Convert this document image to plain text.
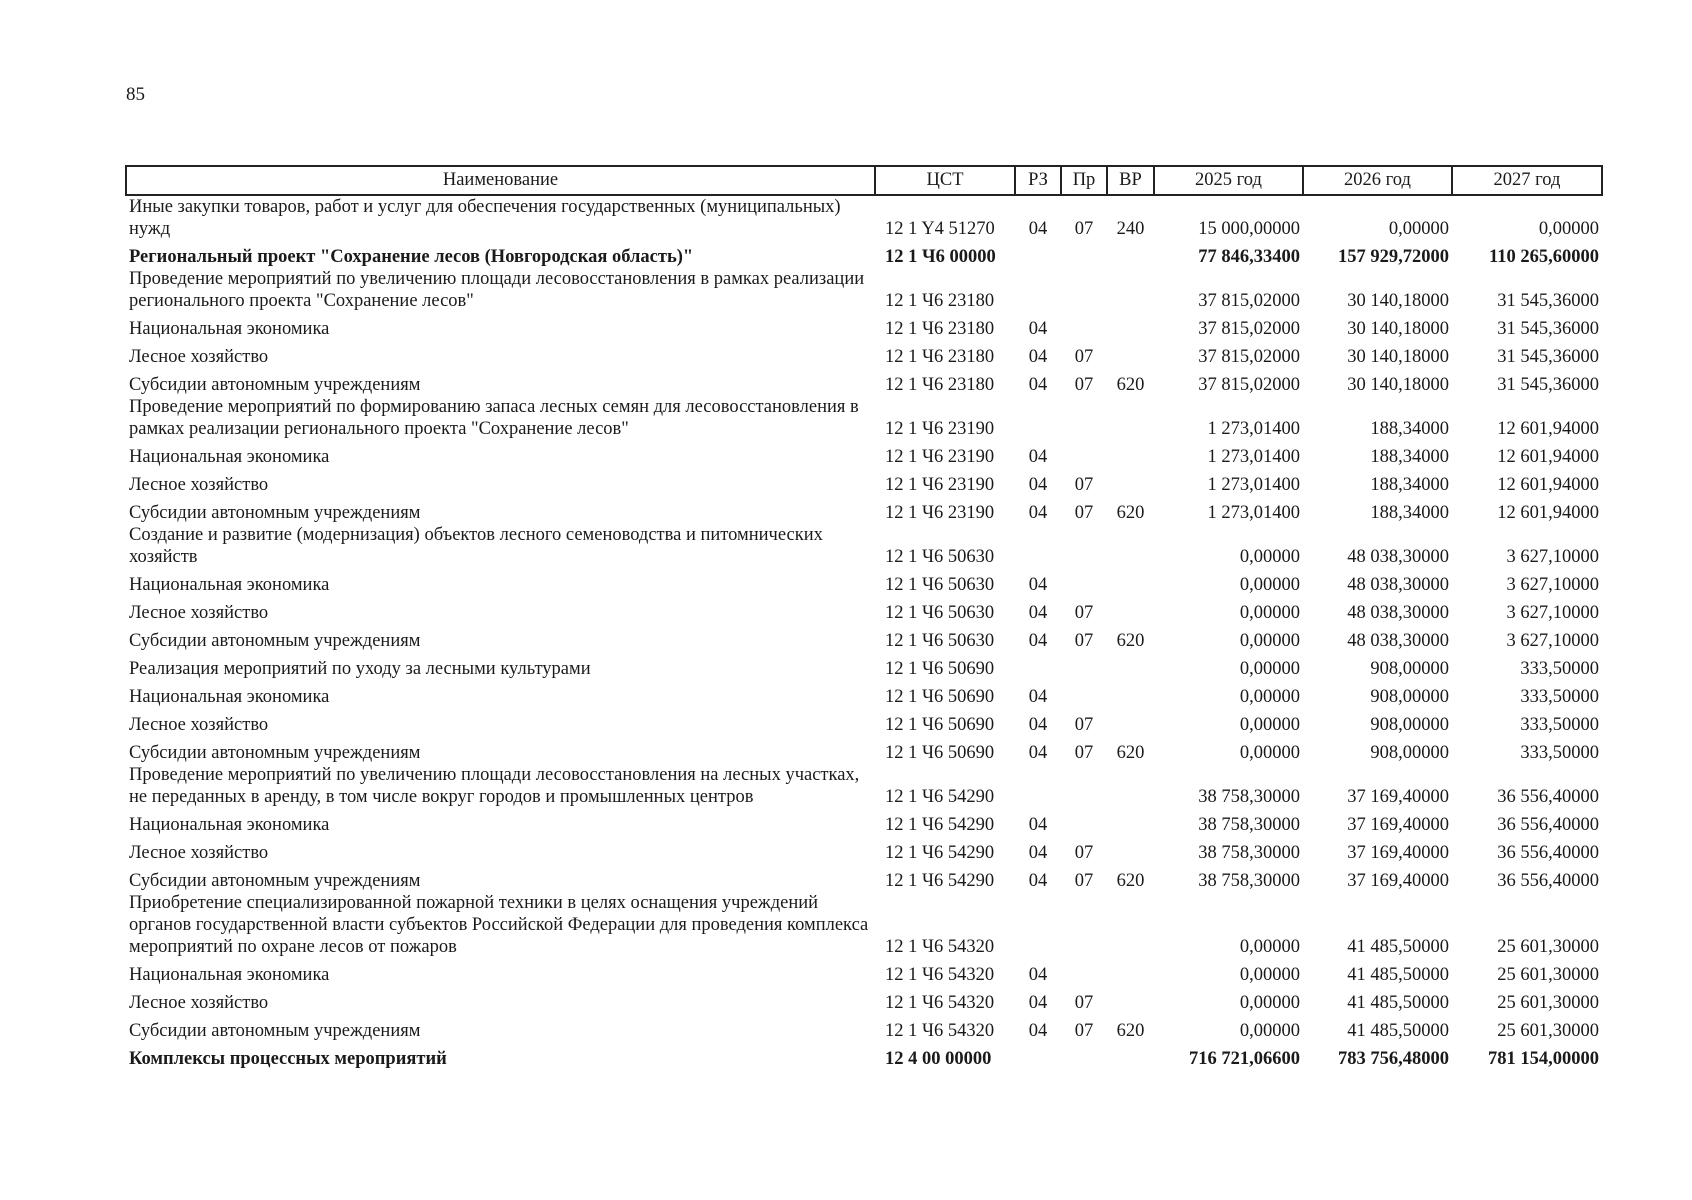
85
Наименование	ЦСТ	РЗ	Пр	ВР	2025 год	2026 год	2027 год
Иные закупки товаров, работ и услуг для обеспечения государственных (муниципальных) нужд	12 1 Y4 51270	04	07	240	15 000,00000	0,00000	0,00000
Региональный проект "Сохранение лесов (Новгородская область)"	12 1 Ч6 00000				77 846,33400	157 929,72000	110 265,60000
Проведение мероприятий по увеличению площади лесовосстановления в рамках реализации регионального проекта "Сохранение лесов"	12 1 Ч6 23180				37 815,02000	30 140,18000	31 545,36000
Национальная экономика	12 1 Ч6 23180	04			37 815,02000	30 140,18000	31 545,36000
Лесное хозяйство	12 1 Ч6 23180	04	07		37 815,02000	30 140,18000	31 545,36000
Субсидии автономным учреждениям	12 1 Ч6 23180	04	07	620	37 815,02000	30 140,18000	31 545,36000
Проведение мероприятий по формированию запаса лесных семян для лесовосстановления в рамках реализации регионального проекта "Сохранение лесов"	12 1 Ч6 23190				1 273,01400	188,34000	12 601,94000
Национальная экономика	12 1 Ч6 23190	04			1 273,01400	188,34000	12 601,94000
Лесное хозяйство	12 1 Ч6 23190	04	07		1 273,01400	188,34000	12 601,94000
Субсидии автономным учреждениям	12 1 Ч6 23190	04	07	620	1 273,01400	188,34000	12 601,94000
Создание и развитие (модернизация) объектов лесного семеноводства и питомнических хозяйств	12 1 Ч6 50630				0,00000	48 038,30000	3 627,10000
Национальная экономика	12 1 Ч6 50630	04			0,00000	48 038,30000	3 627,10000
Лесное хозяйство	12 1 Ч6 50630	04	07		0,00000	48 038,30000	3 627,10000
Субсидии автономным учреждениям	12 1 Ч6 50630	04	07	620	0,00000	48 038,30000	3 627,10000
Реализация мероприятий по уходу за лесными культурами	12 1 Ч6 50690				0,00000	908,00000	333,50000
Национальная экономика	12 1 Ч6 50690	04			0,00000	908,00000	333,50000
Лесное хозяйство	12 1 Ч6 50690	04	07		0,00000	908,00000	333,50000
Субсидии автономным учреждениям	12 1 Ч6 50690	04	07	620	0,00000	908,00000	333,50000
Проведение мероприятий по увеличению площади лесовосстановления на лесных участках, не переданных в аренду, в том числе вокруг городов и промышленных центров	12 1 Ч6 54290				38 758,30000	37 169,40000	36 556,40000
Национальная экономика	12 1 Ч6 54290	04			38 758,30000	37 169,40000	36 556,40000
Лесное хозяйство	12 1 Ч6 54290	04	07		38 758,30000	37 169,40000	36 556,40000
Субсидии автономным учреждениям	12 1 Ч6 54290	04	07	620	38 758,30000	37 169,40000	36 556,40000
Приобретение специализированной пожарной техники в целях оснащения учреждений органов государственной власти субъектов Российской Федерации для проведения комплекса мероприятий по охране лесов от пожаров	12 1 Ч6 54320				0,00000	41 485,50000	25 601,30000
Национальная экономика	12 1 Ч6 54320	04			0,00000	41 485,50000	25 601,30000
Лесное хозяйство	12 1 Ч6 54320	04	07		0,00000	41 485,50000	25 601,30000
Субсидии автономным учреждениям	12 1 Ч6 54320	04	07	620	0,00000	41 485,50000	25 601,30000
Комплексы процессных мероприятий	12 4 00 00000				716 721,06600	783 756,48000	781 154,00000
